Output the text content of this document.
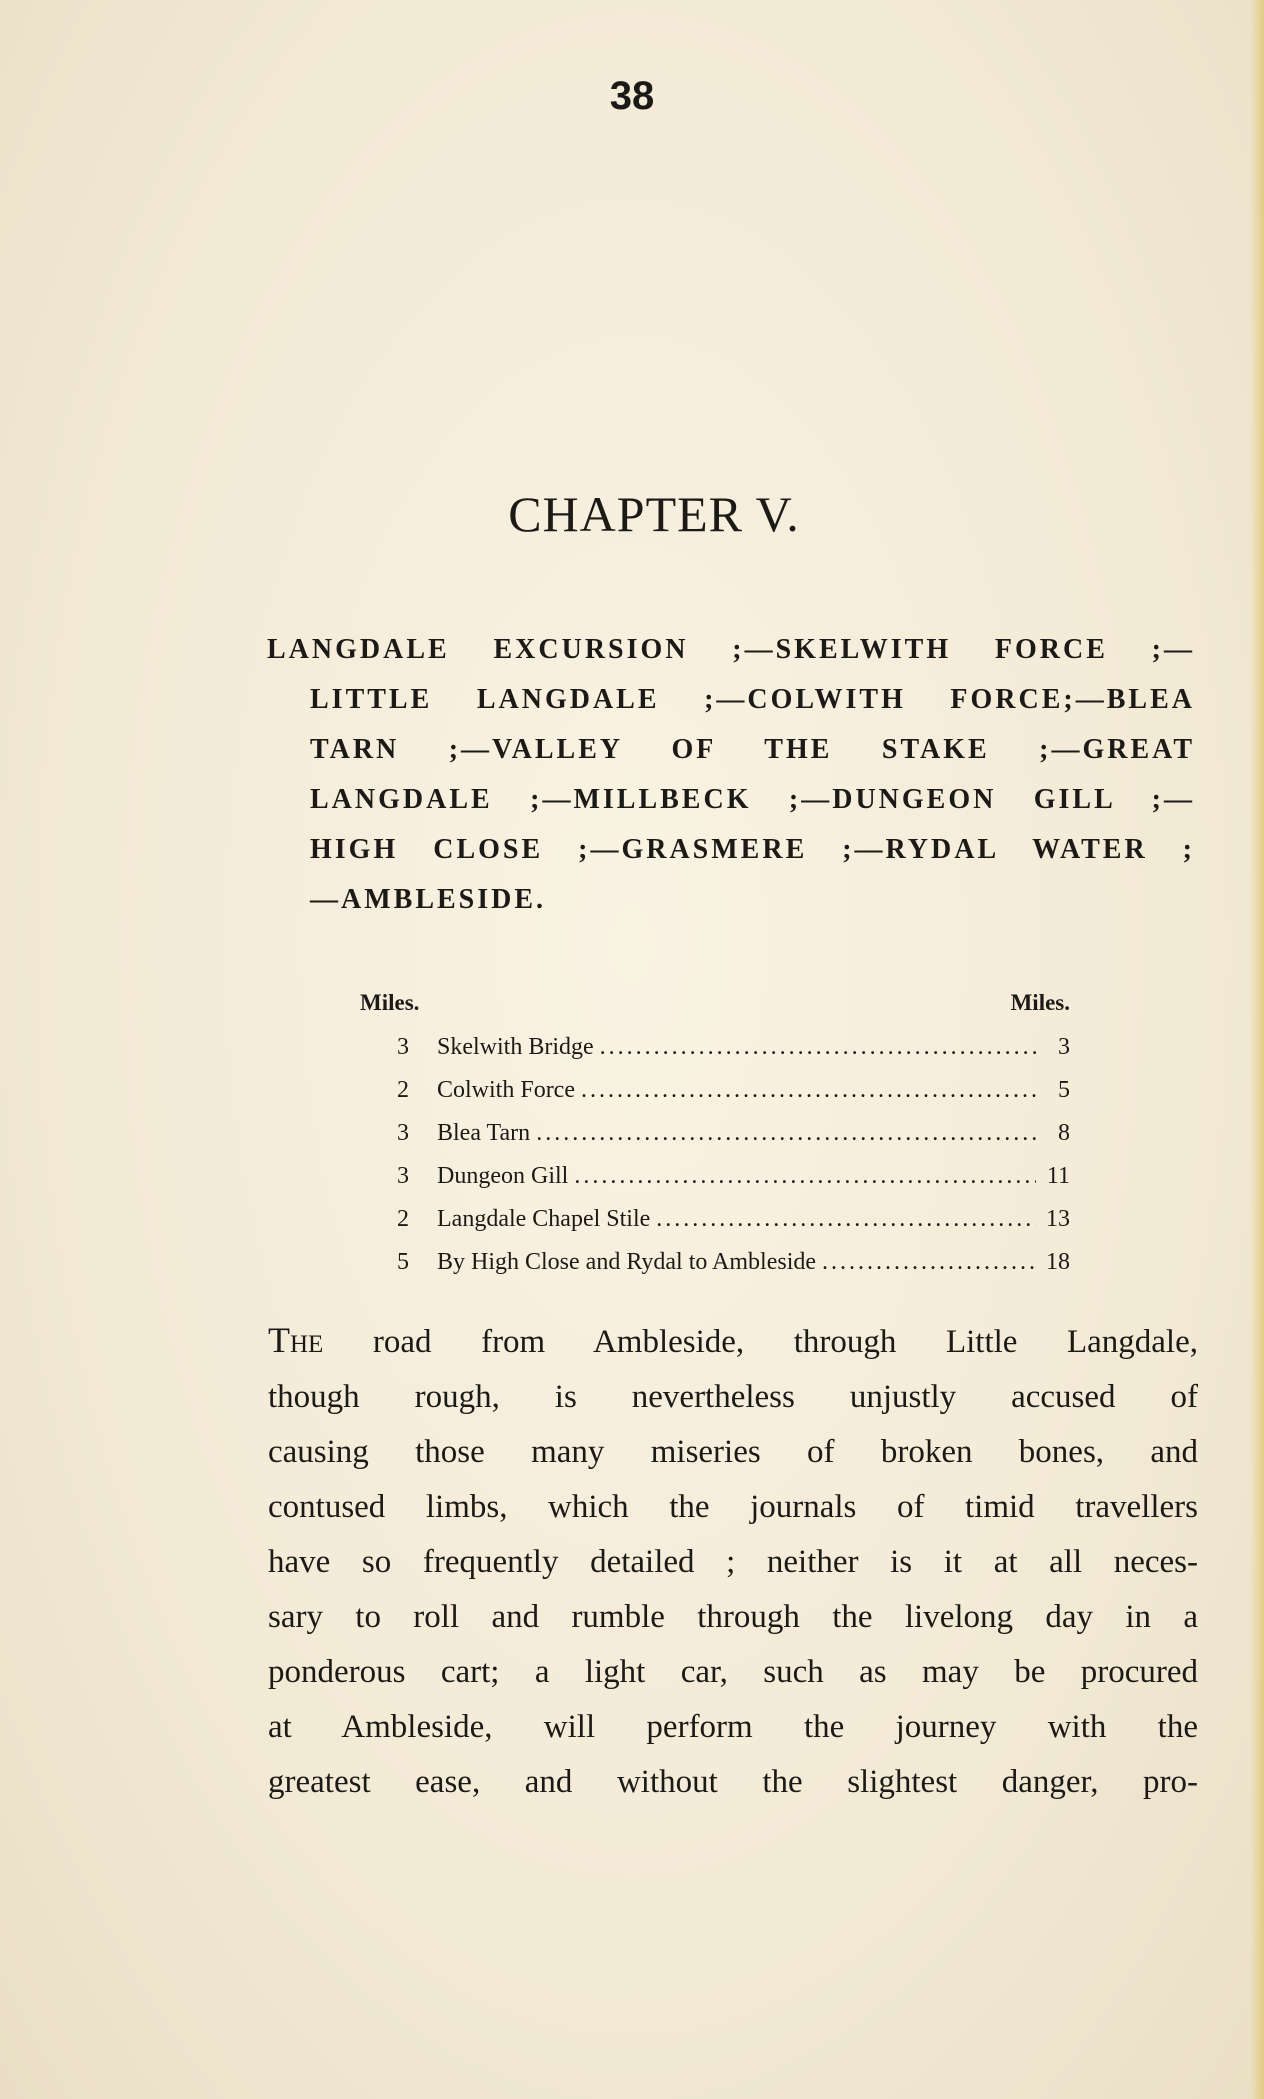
38
CHAPTER V.
LANGDALE EXCURSION ;—SKELWITH FORCE ;—
LITTLE LANGDALE ;—COLWITH FORCE;—BLEA
TARN ;—VALLEY OF THE STAKE ;—GREAT
LANGDALE ;—MILLBECK ;—DUNGEON GILL ;—
HIGH CLOSE ;—GRASMERE ;—RYDAL WATER ;
—AMBLESIDE.
Miles.	Miles.
3	Skelwith Bridge .....	3
2	Colwith Force .....	5
3	Blea Tarn .....	8
3	Dungeon Gill .....	11
2	Langdale Chapel Stile .....	13
5	By High Close and Rydal to Ambleside .....	18
The road from Ambleside, through Little Langdale,
though rough, is nevertheless unjustly accused of
causing those many miseries of broken bones, and
contused limbs, which the journals of timid travellers
have so frequently detailed ; neither is it at all neces-
sary to roll and rumble through the livelong day in a
ponderous cart; a light car, such as may be procured
at Ambleside, will perform the journey with the
greatest ease, and without the slightest danger, pro-
